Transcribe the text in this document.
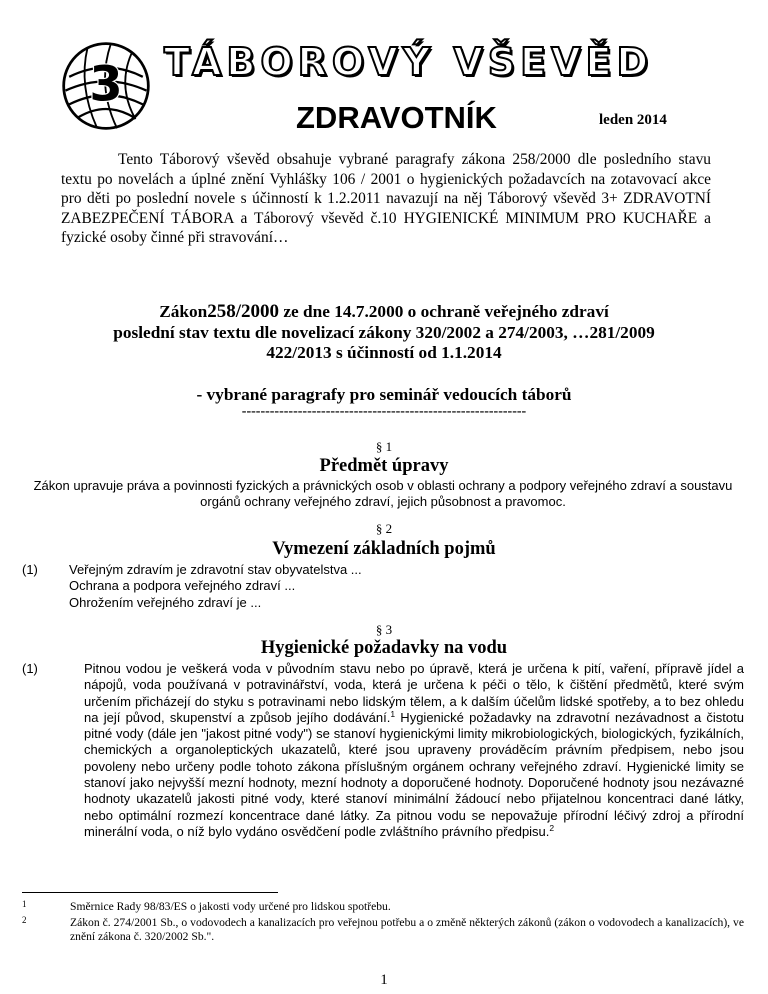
3 TÁBOROVÝ VŠEVĚD
ZDRAVOTNÍK	leden 2014

Tento Táborový vševěd obsahuje vybrané paragrafy zákona 258/2000 dle posledního stavu textu po novelách a úplné znění Vyhlášky 106 / 2001 o hygienických požadavcích na zotavovací akce pro děti po poslední novele s účinností k 1.2.2011 navazují na něj Táborový vševěd 3+ ZDRAVOTNÍ ZABEZPEČENÍ TÁBORA a Táborový vševěd č.10 HYGIENICKÉ MINIMUM PRO KUCHAŘE a fyzické osoby činné při stravování…

Zákon258/2000 ze dne 14.7.2000 o ochraně veřejného zdraví
poslední stav textu dle novelizací zákony 320/2002 a 274/2003, …281/2009
422/2013 s účinností od 1.1.2014

- vybrané paragrafy pro seminář vedoucích táborů

-------------------------------------------------------------

§ 1

Předmět úpravy

Zákon upravuje práva a povinnosti fyzických a právnických osob v oblasti ochrany a podpory veřejného zdraví a soustavu orgánů ochrany veřejného zdraví, jejich působnost a pravomoc.

§ 2

Vymezení základních pojmů

(1) Veřejným zdravím je zdravotní stav obyvatelstva ...
Ochrana a podpora veřejného zdraví ...
Ohrožením veřejného zdraví je ...

§ 3

Hygienické požadavky na vodu

(1)	Pitnou vodou je veškerá voda v původním stavu nebo po úpravě, která je určena k pití, vaření, přípravě jídel a nápojů, voda používaná v potravinářství, voda, která je určena k péči o tělo, k čištění předmětů, které svým určením přicházejí do styku s potravinami nebo lidským tělem, a k dalším účelům lidské spotřeby, a to bez ohledu na její původ, skupenství a způsob jejího dodávání.$^1$ Hygienické požadavky na zdravotní nezávadnost a čistotu pitné vody (dále jen "jakost pitné vody") se stanoví hygienickými limity mikrobiologických, biologických, fyzikálních, chemických a organoleptických ukazatelů, které jsou upraveny prováděcím právním předpisem, nebo jsou povoleny nebo určeny podle tohoto zákona příslušným orgánem ochrany veřejného zdraví. Hygienické limity se stanoví jako nejvyšší mezní hodnoty, mezní hodnoty a doporučené hodnoty. Doporučené hodnoty jsou nezávazné hodnoty ukazatelů jakosti pitné vody, které stanoví minimální žádoucí nebo přijatelnou koncentraci dané látky, nebo optimální rozmezí koncentrace dané látky. Za pitnou vodu se nepovažuje přírodní léčivý zdroj a přírodní minerální voda, o níž bylo vydáno osvědčení podle zvláštního právního předpisu.$^2$
1	Směrnice Rady 98/83/ES o jakosti vody určené pro lidskou spotřebu.
2	Zákon č. 274/2001 Sb., o vodovodech a kanalizacích pro veřejnou potřebu a o změně některých zákonů (zákon o vodovodech a kanalizacích), ve znění zákona č. 320/2002 Sb.".
1
